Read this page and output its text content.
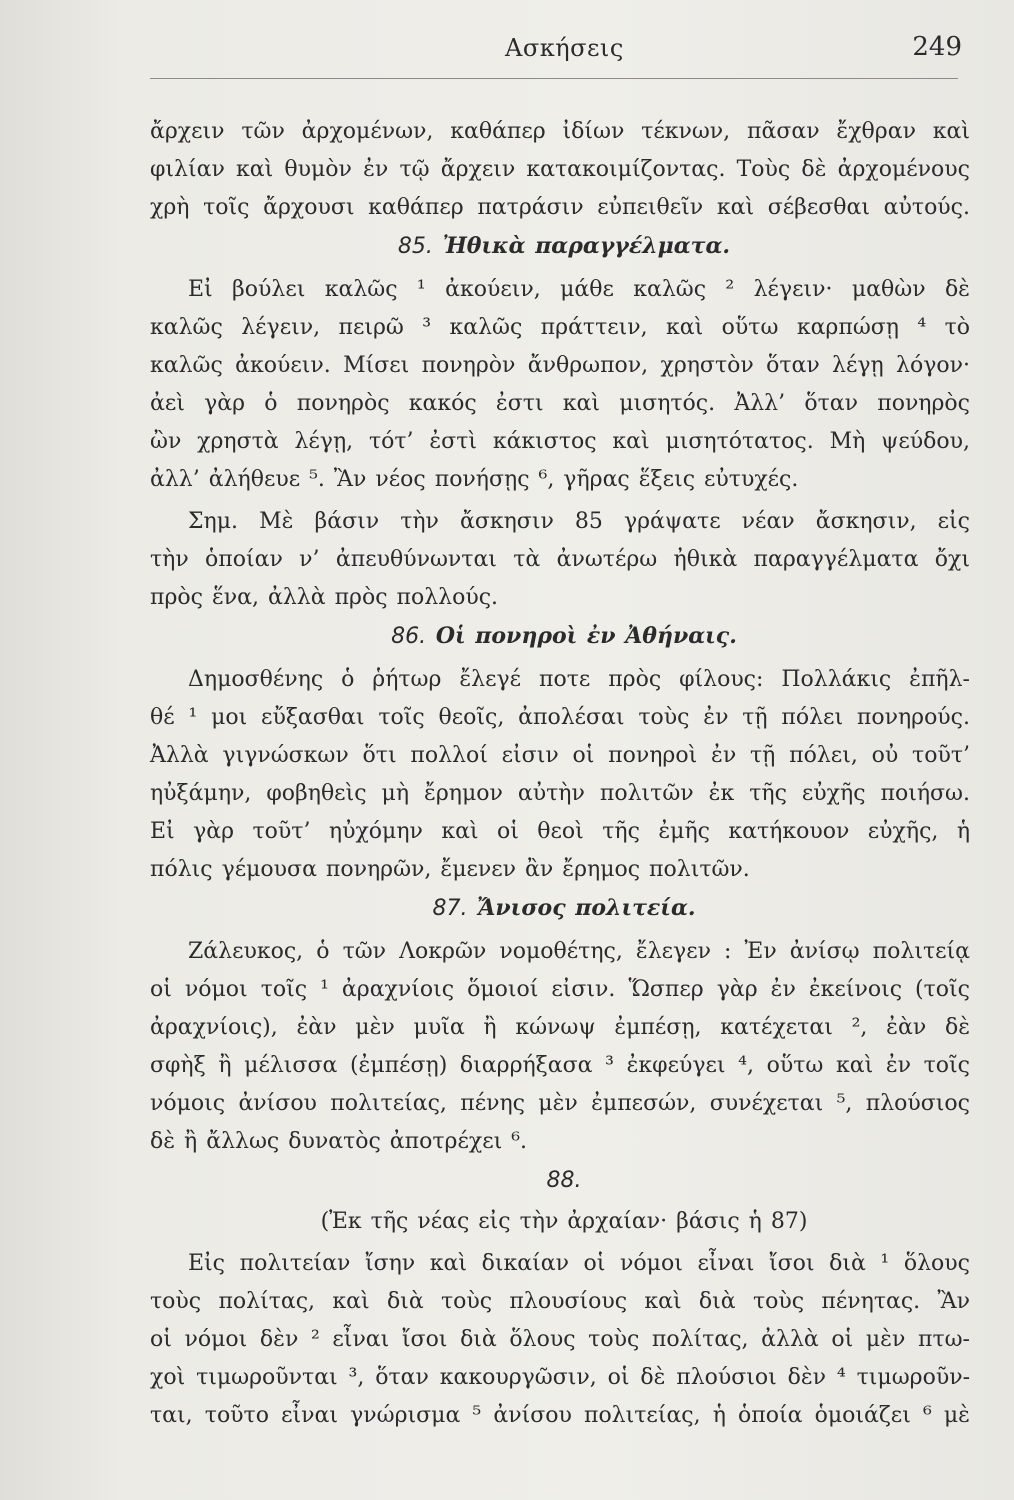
Ασκήσεις	249
ἄρχειν τῶν ἀρχομένων, καθάπερ ἰδίων τέκνων, πᾶσαν ἔχθραν καὶ
φιλίαν καὶ θυμὸν ἐν τῷ ἄρχειν κατακοιμίζοντας. Τοὺς δὲ ἀρχομένους
χρὴ τοῖς ἄρχουσι καθάπερ πατράσιν εὐπειθεῖν καὶ σέβεσθαι αὐτούς.
85. Ἠθικὰ παραγγέλματα.
Εἰ βούλει καλῶς ¹ ἀκούειν, μάθε καλῶς ² λέγειν· μαθὼν δὲ
καλῶς λέγειν, πειρῶ ³ καλῶς πράττειν, καὶ οὕτω καρπώσῃ ⁴ τὸ
καλῶς ἀκούειν. Μίσει πονηρὸν ἄνθρωπον, χρηστὸν ὅταν λέγῃ λόγον·
ἀεὶ γὰρ ὁ πονηρὸς κακός ἐστι καὶ μισητός. Ἀλλ’ ὅταν πονηρὸς
ὢν χρηστὰ λέγῃ, τότ’ ἐστὶ κάκιστος καὶ μισητότατος. Μὴ ψεύδου,
ἀλλ’ ἀλήθευε ⁵. Ἂν νέος πονήσῃς ⁶, γῆρας ἕξεις εὐτυχές.
Σημ. Μὲ βάσιν τὴν ἄσκησιν 85 γράψατε νέαν ἄσκησιν, εἰς
τὴν ὁποίαν ν’ ἀπευθύνωνται τὰ ἀνωτέρω ἠθικὰ παραγγέλματα ὄχι
πρὸς ἕνα, ἀλλὰ πρὸς πολλούς.
86. Οἱ πονηροὶ ἐν Ἀθήναις.
Δημοσθένης ὁ ῥήτωρ ἔλεγέ ποτε πρὸς φίλους: Πολλάκις ἐπῆλ-
θέ ¹ μοι εὔξασθαι τοῖς θεοῖς, ἀπολέσαι τοὺς ἐν τῇ πόλει πονηρούς.
Ἀλλὰ γιγνώσκων ὅτι πολλοί εἰσιν οἱ πονηροὶ ἐν τῇ πόλει, οὐ τοῦτ’
ηὐξάμην, φοβηθεὶς μὴ ἔρημον αὐτὴν πολιτῶν ἐκ τῆς εὐχῆς ποιήσω.
Εἰ γὰρ τοῦτ’ ηὐχόμην καὶ οἱ θεοὶ τῆς ἐμῆς κατήκουον εὐχῆς, ἡ
πόλις γέμουσα πονηρῶν, ἔμενεν ἂν ἔρημος πολιτῶν.
87. Ἄνισος πολιτεία.
Ζάλευκος, ὁ τῶν Λοκρῶν νομοθέτης, ἔλεγεν : Ἐν ἀνίσῳ πολιτείᾳ
οἱ νόμοι τοῖς ¹ ἀραχνίοις ὅμοιοί εἰσιν. Ὥσπερ γὰρ ἐν ἐκείνοις (τοῖς
ἀραχνίοις), ἐὰν μὲν μυῖα ἢ κώνωψ ἐμπέσῃ, κατέχεται ², ἐὰν δὲ
σφὴξ ἢ μέλισσα (ἐμπέσῃ) διαρρήξασα ³ ἐκφεύγει ⁴, οὕτω καὶ ἐν τοῖς
νόμοις ἀνίσου πολιτείας, πένης μὲν ἐμπεσών, συνέχεται ⁵, πλούσιος
δὲ ἢ ἄλλως δυνατὸς ἀποτρέχει ⁶.
88.
(Ἐκ τῆς νέας εἰς τὴν ἀρχαίαν· βάσις ἡ 87)
Εἰς πολιτείαν ἴσην καὶ δικαίαν οἱ νόμοι εἶναι ἴσοι διὰ ¹ ὅλους
τοὺς πολίτας, καὶ διὰ τοὺς πλουσίους καὶ διὰ τοὺς πένητας. Ἂν
οἱ νόμοι δὲν ² εἶναι ἴσοι διὰ ὅλους τοὺς πολίτας, ἀλλὰ οἱ μὲν πτω-
χοὶ τιμωροῦνται ³, ὅταν κακουργῶσιν, οἱ δὲ πλούσιοι δὲν ⁴ τιμωροῦν-
ται, τοῦτο εἶναι γνώρισμα ⁵ ἀνίσου πολιτείας, ἡ ὁποία ὁμοιάζει ⁶ μὲ
